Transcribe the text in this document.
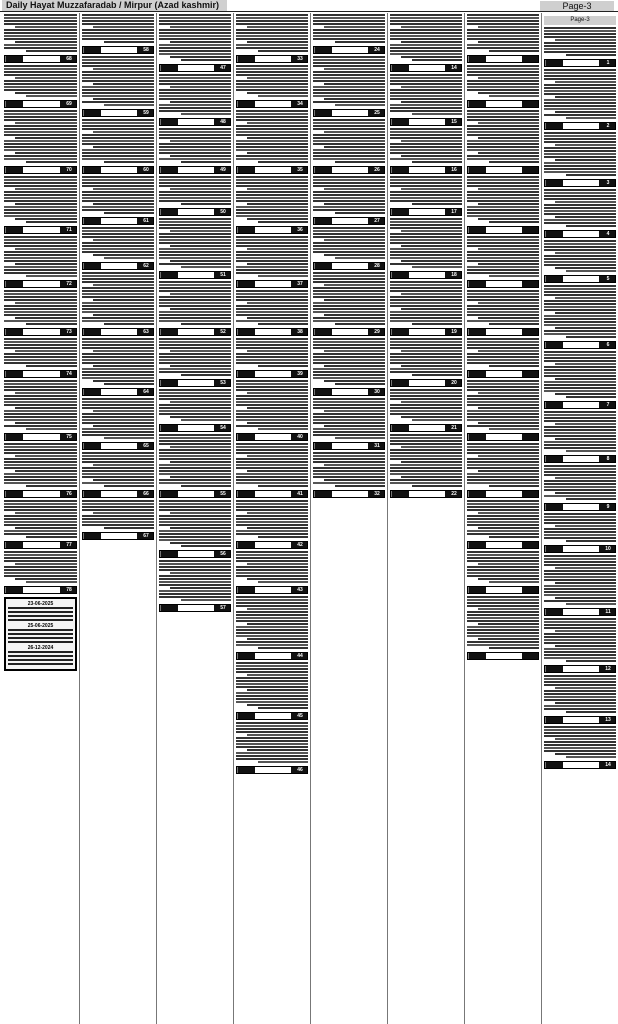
Daily Hayat Muzzafaradab / Mirpur (Azad kashmir)	Page-3
Page-3
1
2
3
4
5
6
7
8
9
10
11
12
13
14
14
15
16
17
18
19
20
21
22
24
25
26
27
28
29
30
31
32
33
34
35
36
37
38
39
40
41
42
43
44
45
46
47
48
49
50
51
52
53
54
55
56
57
58
59
60
61
62
63
64
65
66
67
68
69
70
71
72
73
74
75
76
77
78
23-06-2025
25-06-2025
26-12-2024
